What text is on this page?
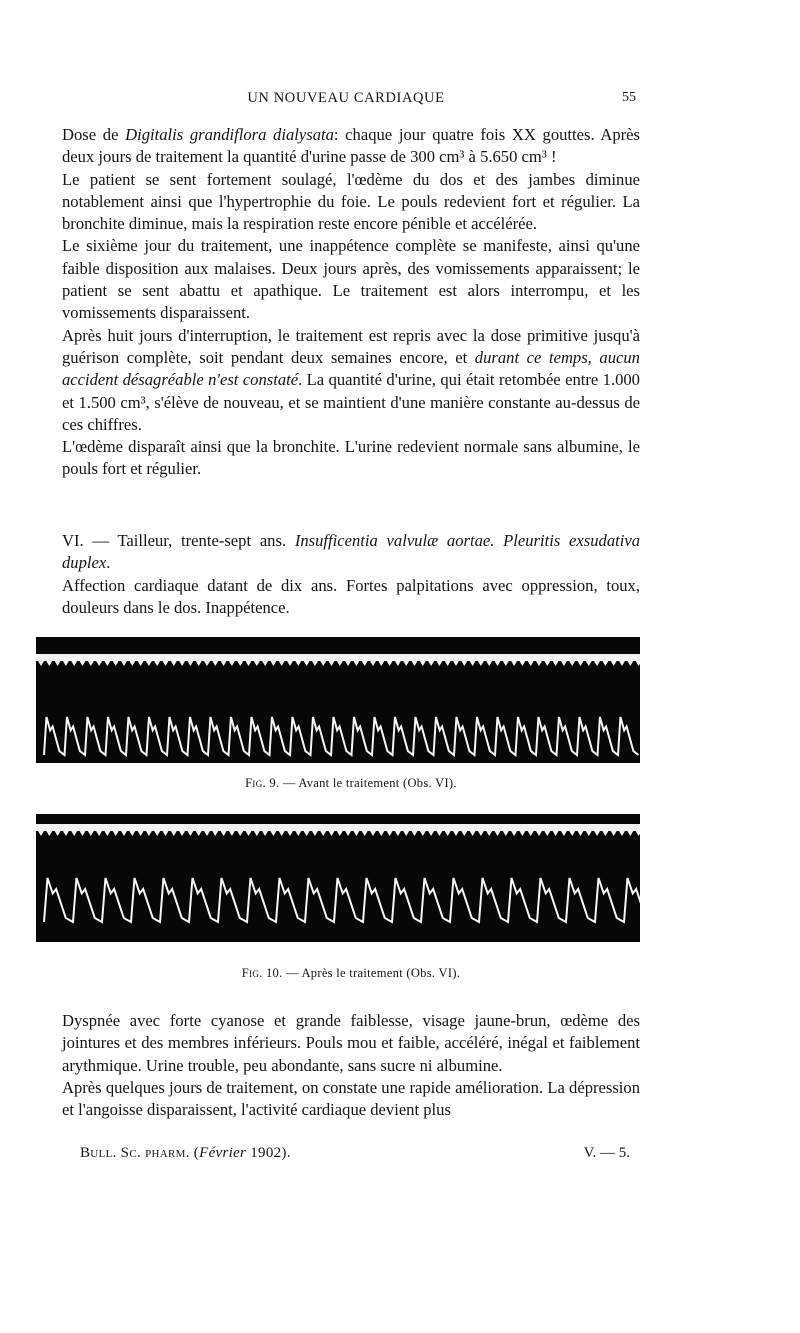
UN NOUVEAU CARDIAQUE	55

Dose de Digitalis grandiflora dialysata: chaque jour quatre fois XX gouttes. Après deux jours de traitement la quantité d'urine passe de 300 cm³ à 5.650 cm³ !

Le patient se sent fortement soulagé, l'œdème du dos et des jambes diminue notablement ainsi que l'hypertrophie du foie. Le pouls redevient fort et régulier. La bronchite diminue, mais la respiration reste encore pénible et accélérée.

Le sixième jour du traitement, une inappétence complète se manifeste, ainsi qu'une faible disposition aux malaises. Deux jours après, des vomissements apparaissent; le patient se sent abattu et apathique. Le traitement est alors interrompu, et les vomissements disparaissent.

Après huit jours d'interruption, le traitement est repris avec la dose primitive jusqu'à guérison complète, soit pendant deux semaines encore, et durant ce temps, aucun accident désagréable n'est constaté. La quantité d'urine, qui était retombée entre 1.000 et 1.500 cm³, s'élève de nouveau, et se maintient d'une manière constante au-dessus de ces chiffres.

L'œdème disparaît ainsi que la bronchite. L'urine redevient normale sans albumine, le pouls fort et régulier.

VI. — Tailleur, trente-sept ans. Insufficentia valvulæ aortae. Pleuritis exsudativa duplex.

Affection cardiaque datant de dix ans. Fortes palpitations avec oppression, toux, douleurs dans le dos. Inappétence.

Fig. 9. — Avant le traitement (Obs. VI).
Fig. 10. — Après le traitement (Obs. VI).

Dyspnée avec forte cyanose et grande faiblesse, visage jaune-brun, œdème des jointures et des membres inférieurs. Pouls mou et faible, accéléré, inégal et faiblement arythmique. Urine trouble, peu abondante, sans sucre ni albumine.

Après quelques jours de traitement, on constate une rapide amélioration. La dépression et l'angoisse disparaissent, l'activité cardiaque devient plus

Bull. Sc. pharm. (Février 1902).	V. — 5.
